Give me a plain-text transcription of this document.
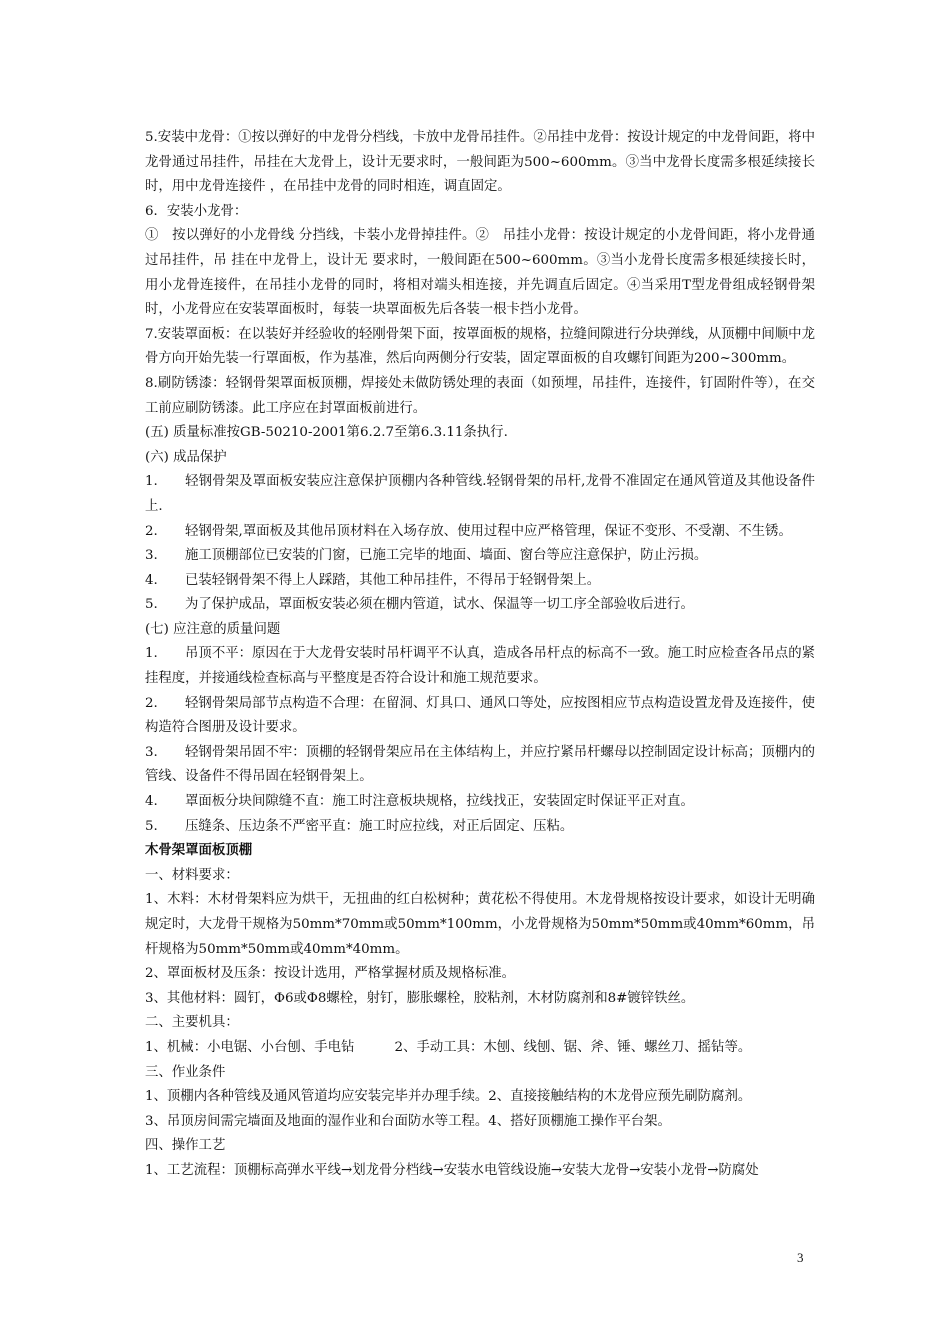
5.安装中龙骨：①按以弹好的中龙骨分档线，卡放中龙骨吊挂件。②吊挂中龙骨：按设计规定的中龙骨间距，将中龙骨通过吊挂件，吊挂在大龙骨上，设计无要求时，一般间距为500~600mm。③当中龙骨长度需多根延续接长时，用中龙骨连接件 ，在吊挂中龙骨的同时相连，调直固定。

6．安装小龙骨：

①　按以弹好的小龙骨线 分挡线，卡装小龙骨掉挂件。②　吊挂小龙骨：按设计规定的小龙骨间距，将小龙骨通过吊挂件，吊 挂在中龙骨上，设计无 要求时，一般间距在500~600mm。③当小龙骨长度需多根延续接长时，用小龙骨连接件，在吊挂小龙骨的同时，将相对端头相连接，并先调直后固定。④当采用T型龙骨组成轻钢骨架时，小龙骨应在安装罩面板时，每装一块罩面板先后各装一根卡挡小龙骨。

7.安装罩面板：在以装好并经验收的轻刚骨架下面，按罩面板的规格，拉缝间隙进行分块弹线，从顶棚中间顺中龙骨方向开始先装一行罩面板，作为基准，然后向两侧分行安装，固定罩面板的自攻螺钉间距为200~300mm。

8.刷防锈漆：轻钢骨架罩面板顶棚，焊接处未做防锈处理的表面（如预埋，吊挂件，连接件，钉固附件等），在交工前应刷防锈漆。此工序应在封罩面板前进行。

(五) 质量标准按GB-50210-2001第6.2.7至第6.3.11条执行.

(六) 成品保护

1. 轻钢骨架及罩面板安装应注意保护顶棚内各种管线.轻钢骨架的吊杆,龙骨不准固定在通风管道及其他设备件上.

2. 轻钢骨架,罩面板及其他吊顶材料在入场存放、使用过程中应严格管理，保证不变形、不受潮、不生锈。

3. 施工顶棚部位已安装的门窗，已施工完毕的地面、墙面、窗台等应注意保护，防止污损。

4. 已装轻钢骨架不得上人踩踏，其他工种吊挂件，不得吊于轻钢骨架上。

5. 为了保护成品，罩面板安装必须在棚内管道，试水、保温等一切工序全部验收后进行。

(七) 应注意的质量问题

1. 吊顶不平：原因在于大龙骨安装时吊杆调平不认真，造成各吊杆点的标高不一致。施工时应检查各吊点的紧挂程度，并接通线检查标高与平整度是否符合设计和施工规范要求。

2. 轻钢骨架局部节点构造不合理：在留洞、灯具口、通风口等处，应按图相应节点构造设置龙骨及连接件，使构造符合图册及设计要求。

3. 轻钢骨架吊固不牢：顶棚的轻钢骨架应吊在主体结构上，并应拧紧吊杆螺母以控制固定设计标高；顶棚内的管线、设备件不得吊固在轻钢骨架上。

4. 罩面板分块间隙缝不直：施工时注意板块规格，拉线找正，安装固定时保证平正对直。

5. 压缝条、压边条不严密平直：施工时应拉线，对正后固定、压粘。

木骨架罩面板顶棚

一、材料要求：

1、木料：木材骨架料应为烘干，无扭曲的红白松树种；黄花松不得使用。木龙骨规格按设计要求，如设计无明确规定时，大龙骨干规格为50mm*70mm或50mm*100mm，小龙骨规格为50mm*50mm或40mm*60mm，吊杆规格为50mm*50mm或40mm*40mm。

2、罩面板材及压条：按设计选用，严格掌握材质及规格标准。

3、其他材料：圆钉，Φ6或Φ8螺栓，射钉，膨胀螺栓，胶粘剂，木材防腐剂和8#镀锌铁丝。

二、主要机具：

1、机械：小电锯、小台刨、手电钻　　　2、手动工具：木刨、线刨、锯、斧、锤、螺丝刀、摇钻等。

三、作业条件

1、顶棚内各种管线及通风管道均应安装完毕并办理手续。2、直接接触结构的木龙骨应预先刷防腐剂。

3、吊顶房间需完墙面及地面的湿作业和台面防水等工程。4、搭好顶棚施工操作平台架。

四、操作工艺

1、工艺流程：顶棚标高弹水平线→划龙骨分档线→安装水电管线设施→安装大龙骨→安装小龙骨→防腐处

3
